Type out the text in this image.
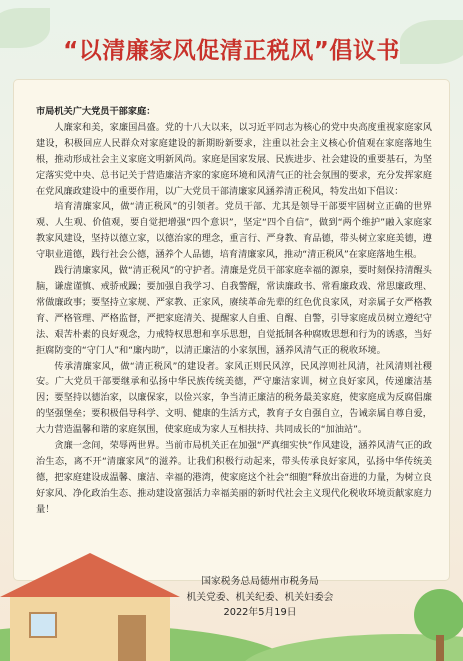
“以清廉家风促清正税风”倡议书

市局机关广大党员干部家庭：

人廉家和美，家廉国昌盛。党的十八大以来，以习近平同志为核心的党中央高度重视家庭家风建设，积极回应人民群众对家庭建设的新期盼新要求，注重以社会主义核心价值观在家庭落地生根，推动形成社会主义家庭文明新风尚。家庭是国家发展、民族进步、社会建设的重要基石，为坚定落实党中央、总书记关于营造廉洁齐家的家庭环境和风清气正的社会氛围的要求，充分发挥家庭在党风廉政建设中的重要作用，以广大党员干部清廉家风涵养清正税风，特发出如下倡议：

培育清廉家风，做“清正税风”的引领者。党员干部、尤其是领导干部要牢固树立正确的世界观、人生观、价值观，要自觉把增强“四个意识”，坚定“四个自信”，做到“两个维护”融入家庭家教家风建设，坚持以德立家，以德治家的理念，重言行、严身教、育品德，带头树立家庭美德，遵守职业道德，践行社会公德，涵养个人品德，培育清廉家风，推动“清正税风”在家庭落地生根。

践行清廉家风，做“清正税风”的守护者。清廉是党员干部家庭幸福的源泉，要时刻保持清醒头脑，谦虚谨慎、戒骄戒躁；要加强自我学习、自我警醒，常读廉政书、常看廉政戏、常思廉政理、常做廉政事；要坚持立家规、严家教、正家风，赓续革命先辈的红色优良家风，对亲属子女严格教育、严格管理、严格监督，严把家庭清关、提醒家人自重、自醒、自警，引导家庭成员树立遵纪守法、艰苦朴素的良好观念，力戒特权思想和享乐思想，自觉抵制各种腐败思想和行为的诱惑，当好拒腐防变的“守门人”和“廉内助”，以清正廉洁的小家氛围，涵养风清气正的税收环境。

传承清廉家风，做“清正税风”的建设者。家风正则民风淳，民风淳则社风清，社风清则社稷安。广大党员干部要继承和弘扬中华民族传统美德，严守廉洁家训，树立良好家风，传递廉洁基因；要坚持以德治家，以廉保家，以俭兴家，争当清正廉洁的税务最美家庭，使家庭成为反腐倡廉的坚强堡垒；要积极倡导科学、文明、健康的生活方式，教育子女自强自立，告诫亲属自尊自爱，大力营造温馨和谐的家庭氛围，使家庭成为家人互相扶持、共同成长的“加油站”。

贪廉一念间，荣辱两世界。当前市局机关正在加强“严真细实快”作风建设，涵养风清气正的政治生态，离不开“清廉家风”的滋养。让我们积极行动起来，带头传承良好家风，弘扬中华传统美德，把家庭建设成温馨、廉洁、幸福的港湾，使家庭这个社会“细胞”释放出奋进的力量，为树立良好家风、净化政治生态、推动建设富强活力幸福美丽的新时代社会主义现代化税收环境贡献家庭力量！

国家税务总局德州市税务局
机关党委、机关纪委、机关妇委会
2022年5月19日
